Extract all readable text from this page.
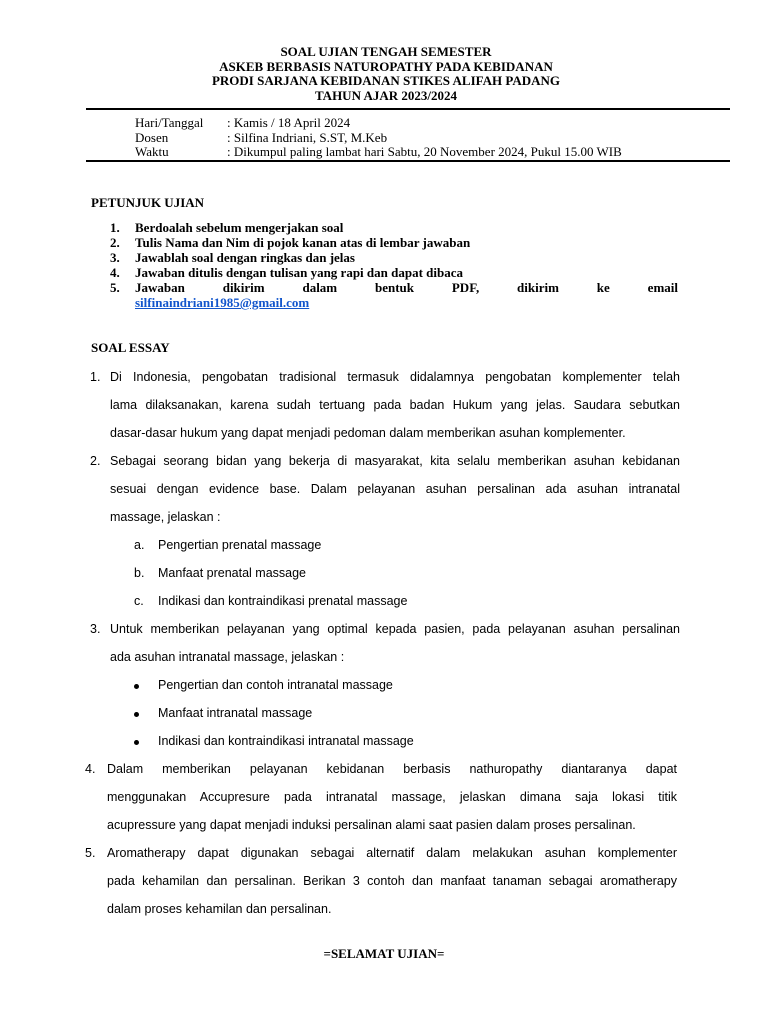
SOAL UJIAN TENGAH SEMESTER
ASKEB BERBASIS NATUROPATHY PADA KEBIDANAN
PRODI SARJANA KEBIDANAN STIKES ALIFAH PADANG
TAHUN AJAR 2023/2024
Hari/Tanggal	: Kamis / 18 April 2024
Dosen	: Silfina Indriani, S.ST, M.Keb
Waktu	: Dikumpul paling lambat hari Sabtu, 20 November 2024, Pukul 15.00 WIB
PETUNJUK UJIAN
1.	Berdoalah sebelum mengerjakan soal
2.	Tulis Nama dan Nim di pojok kanan atas di lembar jawaban
3.	Jawablah soal dengan ringkas dan jelas
4.	Jawaban ditulis dengan tulisan yang rapi dan dapat dibaca
5.	Jawaban dikirim dalam bentuk PDF, dikirim ke email
silfinaindriani1985@gmail.com
SOAL ESSAY
1. Di Indonesia, pengobatan tradisional termasuk didalamnya pengobatan komplementer telah
lama dilaksanakan, karena sudah tertuang pada badan Hukum yang jelas. Saudara sebutkan
dasar-dasar hukum yang dapat menjadi pedoman dalam memberikan asuhan komplementer.
2. Sebagai seorang bidan yang bekerja di masyarakat, kita selalu memberikan asuhan kebidanan
sesuai dengan evidence base. Dalam pelayanan asuhan persalinan ada asuhan intranatal
massage, jelaskan :
a. Pengertian prenatal massage
b. Manfaat prenatal massage
c. Indikasi dan kontraindikasi prenatal massage
3. Untuk memberikan pelayanan yang optimal kepada pasien, pada pelayanan asuhan persalinan
ada asuhan intranatal massage, jelaskan :
Pengertian dan contoh intranatal massage
Manfaat intranatal massage
Indikasi dan kontraindikasi intranatal massage
4. Dalam memberikan pelayanan kebidanan berbasis nathuropathy diantaranya dapat
menggunakan Accupresure pada intranatal massage, jelaskan dimana saja lokasi titik
acupressure yang dapat menjadi induksi persalinan alami saat pasien dalam proses persalinan.
5. Aromatherapy dapat digunakan sebagai alternatif dalam melakukan asuhan komplementer
pada kehamilan dan persalinan. Berikan 3 contoh dan manfaat tanaman sebagai aromatherapy
dalam proses kehamilan dan persalinan.
=SELAMAT UJIAN=
